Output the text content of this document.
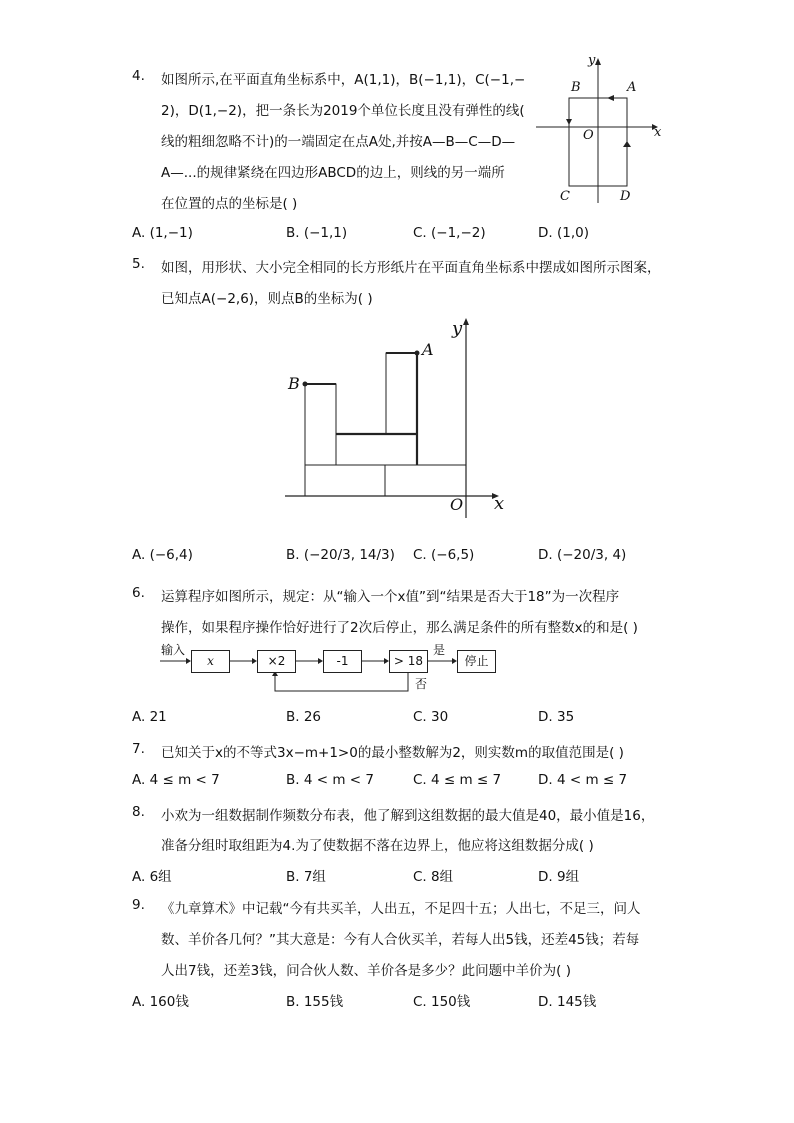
4. 如图所示,在平面直角坐标系中，A(1,1)，B(−1,1)，C(−1,−
2)，D(1,−2)，把一条长为2019个单位长度且没有弹性的线(
线的粗细忽略不计)的一端固定在点A处,并按A—B—C—D—
A—...的规律紧绕在四边形ABCD的边上，则线的另一端所
在位置的点的坐标是( )
y
x
O
A
B
C	D
A. (1,−1)	B. (−1,1)	C. (−1,−2)	D. (1,0)
5. 如图，用形状、大小完全相同的长方形纸片在平面直角坐标系中摆成如图所示图案，
已知点A(−2,6)，则点B的坐标为( )
y
x
O
A
B
A. (−6,4)	B. (−20/3, 14/3) C. (−6,5)	D. (−20/3, 4)
6. 运算程序如图所示，规定：从“输入一个x值”到“结果是否大于18”为一次程序
操作，如果程序操作恰好进行了2次后停止，那么满足条件的所有整数x的和是( )
输入
x	×2	-1	> 18
是
停止
否
A. 21	B. 26	C. 30	D. 35
7. 已知关于x的不等式3x−m+1>0的最小整数解为2，则实数m的取值范围是( )
A. 4 ≤ m < 7	B. 4 < m < 7	C. 4 ≤ m ≤ 7	D. 4 < m ≤ 7
8. 小欢为一组数据制作频数分布表，他了解到这组数据的最大值是40，最小值是16，
准备分组时取组距为4.为了使数据不落在边界上，他应将这组数据分成( )
A. 6组	B. 7组	C. 8组	D. 9组
9. 《九章算术》中记载“今有共买羊，人出五，不足四十五；人出七，不足三，问人
数、羊价各几何？”其大意是：今有人合伙买羊，若每人出5钱，还差45钱；若每
人出7钱，还差3钱，问合伙人数、羊价各是多少？此问题中羊价为( )
A. 160钱	B. 155钱	C. 150钱	D. 145钱
